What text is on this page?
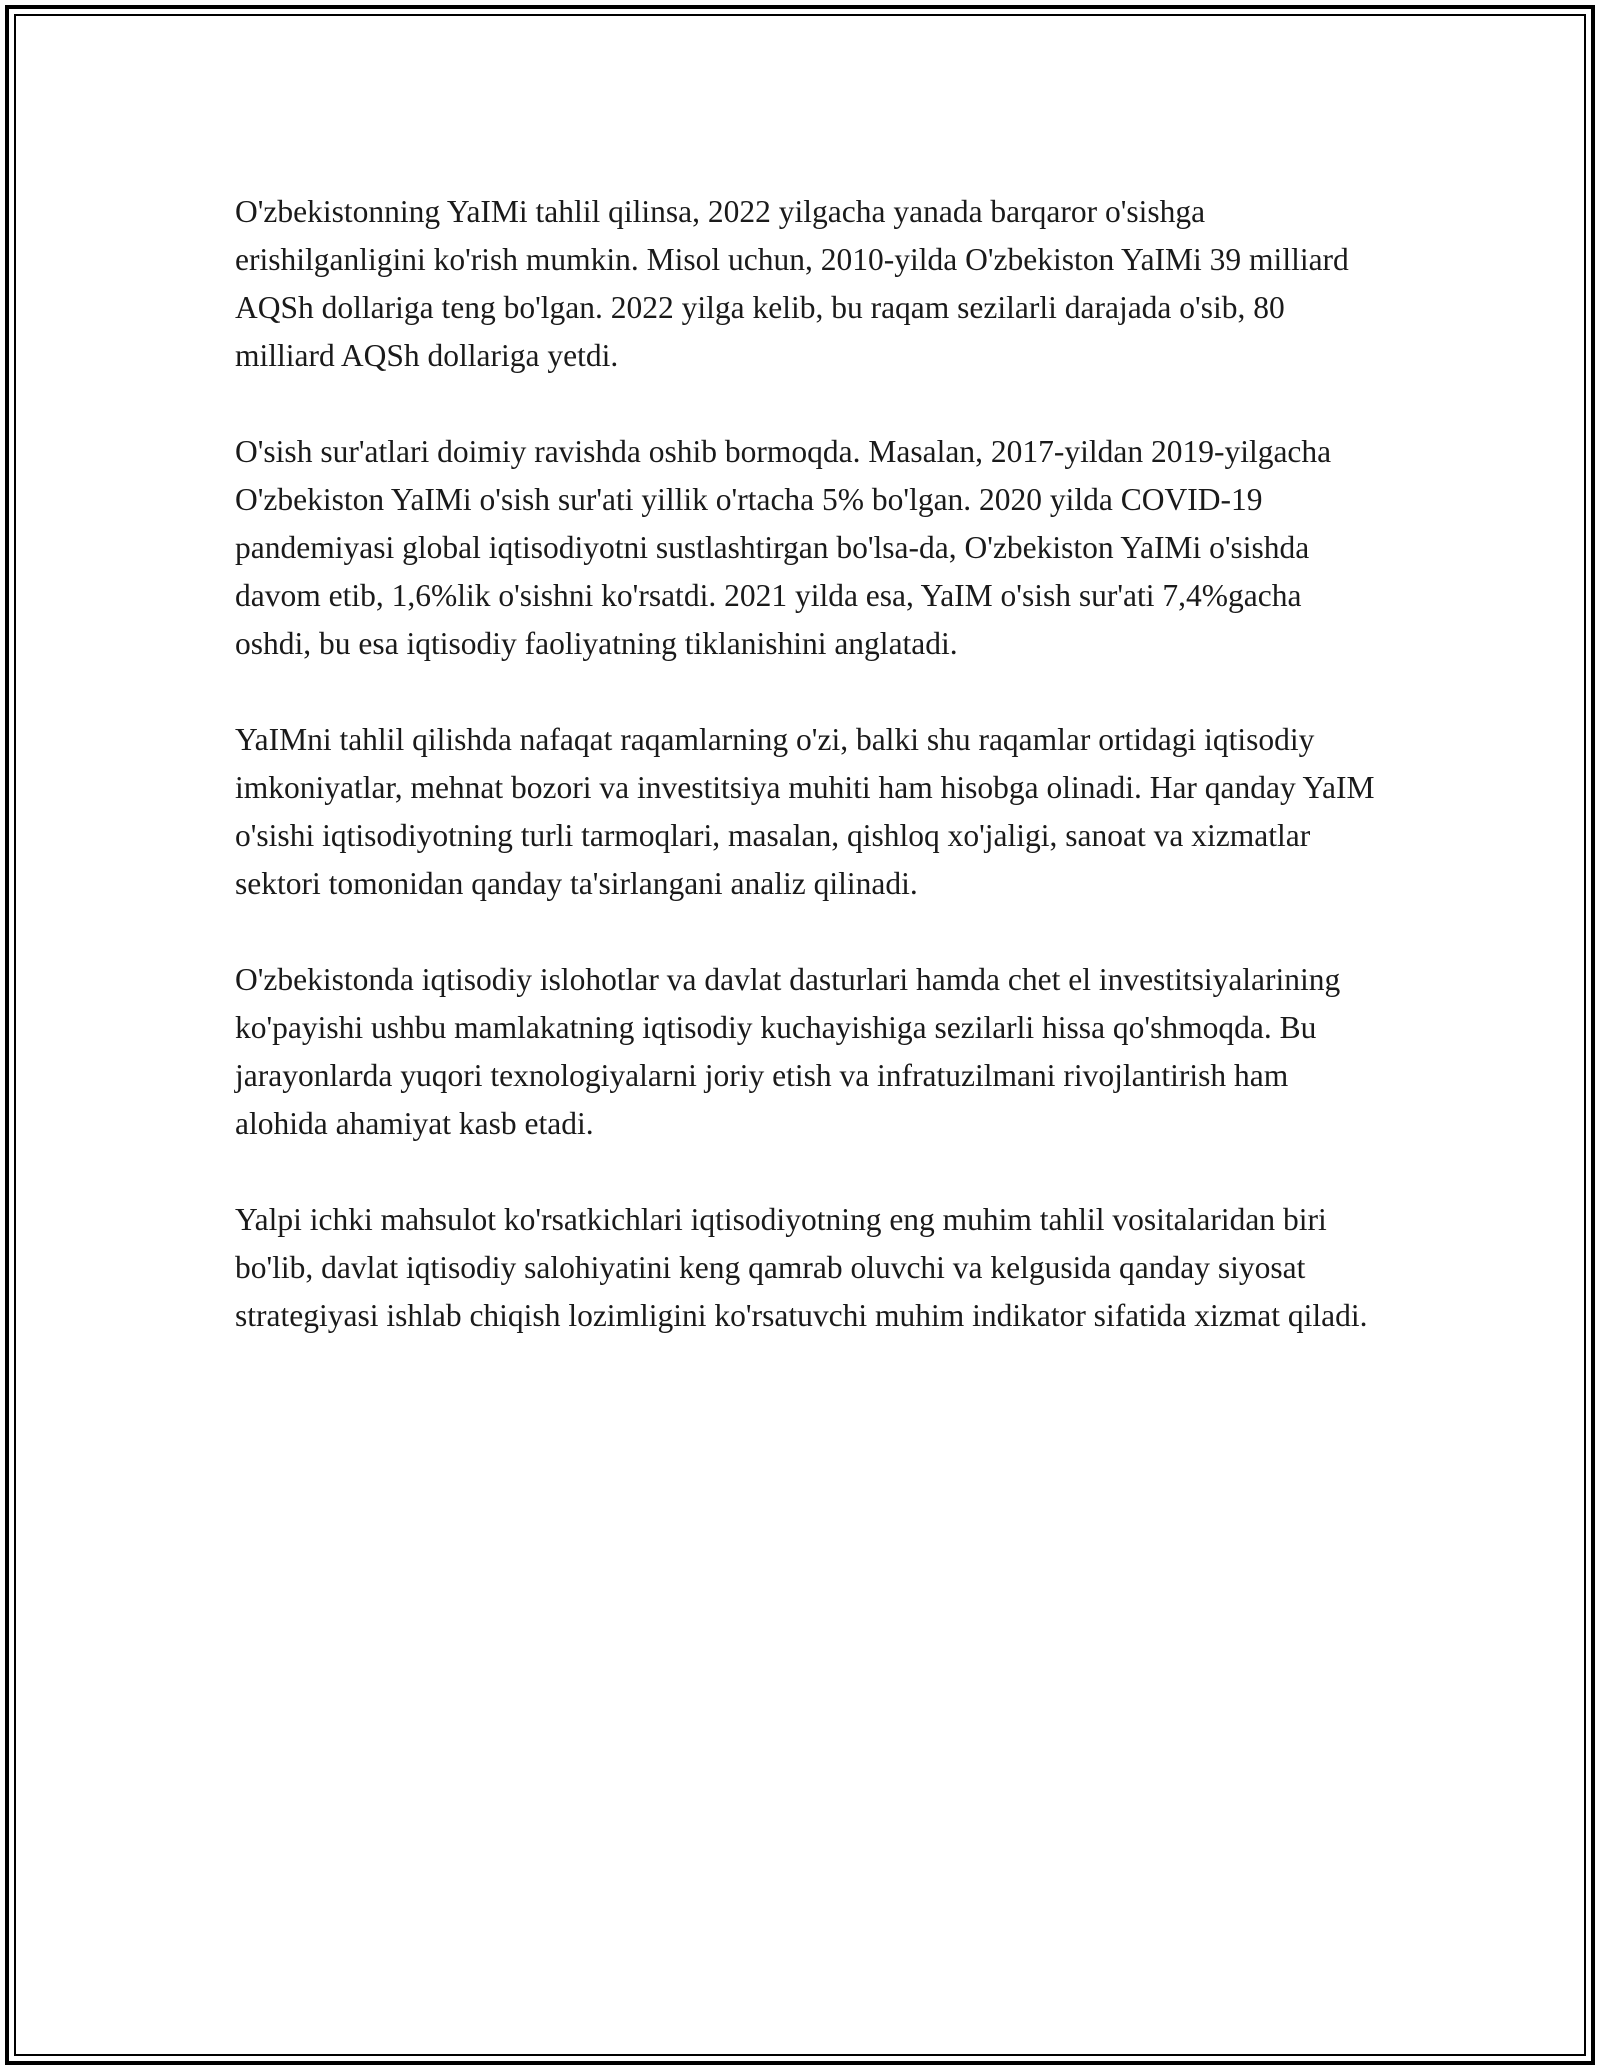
O'zbekistonning YaIMi tahlil qilinsa, 2022 yilgacha yanada barqaror o'sishga erishilganligini ko'rish mumkin. Misol uchun, 2010-yilda O'zbekiston YaIMi 39 milliard AQSh dollariga teng bo'lgan. 2022 yilga kelib, bu raqam sezilarli darajada o'sib, 80 milliard AQSh dollariga yetdi.

O'sish sur'atlari doimiy ravishda oshib bormoqda. Masalan, 2017-yildan 2019-yilgacha O'zbekiston YaIMi o'sish sur'ati yillik o'rtacha 5% bo'lgan. 2020 yilda COVID-19 pandemiyasi global iqtisodiyotni sustlashtirgan bo'lsa-da, O'zbekiston YaIMi o'sishda davom etib, 1,6%lik o'sishni ko'rsatdi. 2021 yilda esa, YaIM o'sish sur'ati 7,4%gacha oshdi, bu esa iqtisodiy faoliyatning tiklanishini anglatadi.

YaIMni tahlil qilishda nafaqat raqamlarning o'zi, balki shu raqamlar ortidagi iqtisodiy imkoniyatlar, mehnat bozori va investitsiya muhiti ham hisobga olinadi. Har qanday YaIM o'sishi iqtisodiyotning turli tarmoqlari, masalan, qishloq xo'jaligi, sanoat va xizmatlar sektori tomonidan qanday ta'sirlangani analiz qilinadi.

O'zbekistonda iqtisodiy islohotlar va davlat dasturlari hamda chet el investitsiyalarining ko'payishi ushbu mamlakatning iqtisodiy kuchayishiga sezilarli hissa qo'shmoqda. Bu jarayonlarda yuqori texnologiyalarni joriy etish va infratuzilmani rivojlantirish ham alohida ahamiyat kasb etadi.

Yalpi ichki mahsulot ko'rsatkichlari iqtisodiyotning eng muhim tahlil vositalaridan biri bo'lib, davlat iqtisodiy salohiyatini keng qamrab oluvchi va kelgusida qanday siyosat strategiyasi ishlab chiqish lozimligini ko'rsatuvchi muhim indikator sifatida xizmat qiladi.
